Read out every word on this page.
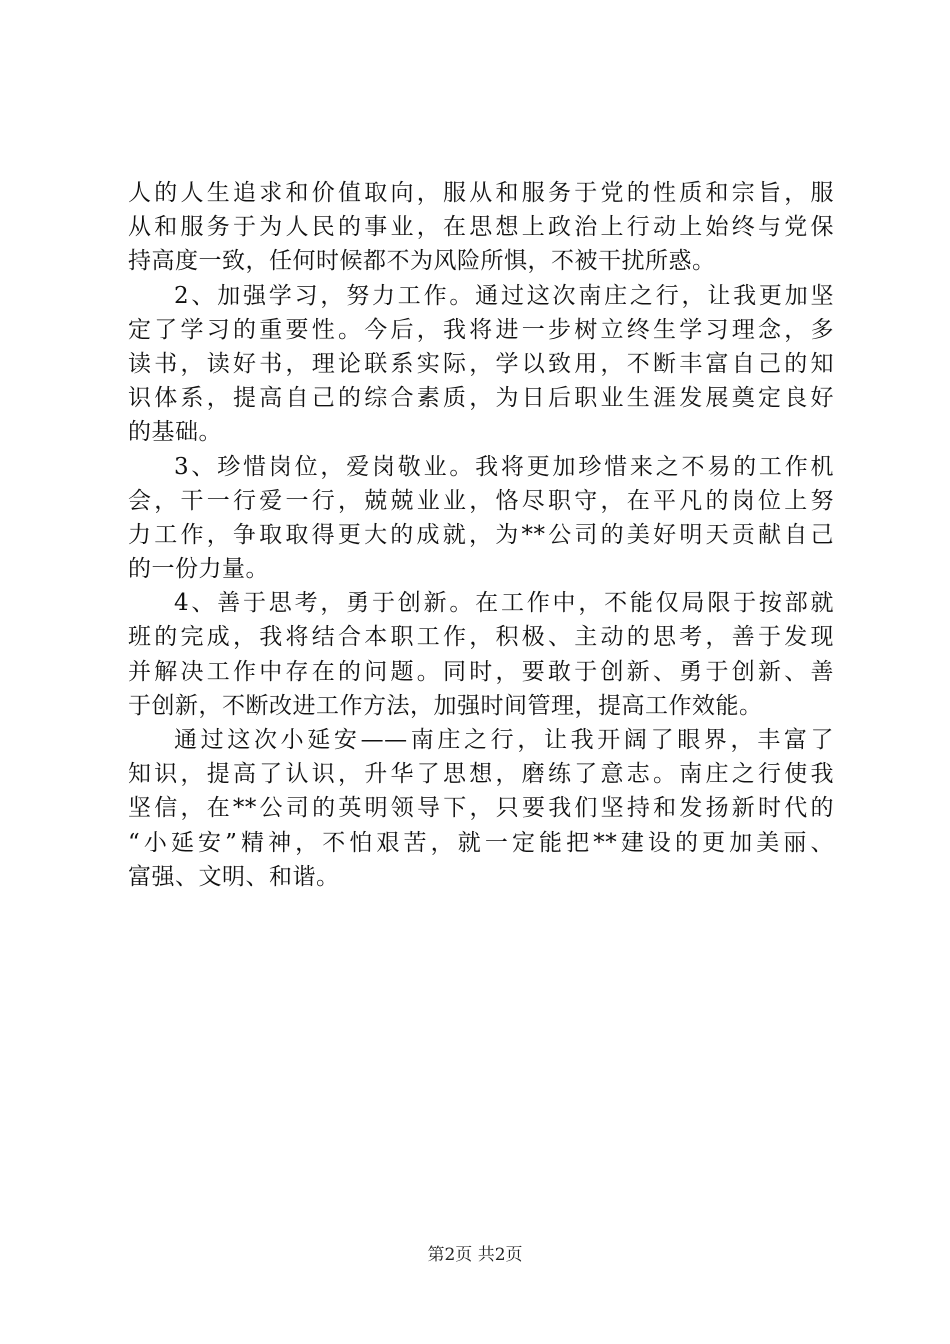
人的人生追求和价值取向，服从和服务于党的性质和宗旨，服
从和服务于为人民的事业，在思想上政治上行动上始终与党保
持高度一致，任何时候都不为风险所惧，不被干扰所惑。
2、加强学习，努力工作。通过这次南庄之行，让我更加坚
定了学习的重要性。今后，我将进一步树立终生学习理念，多
读书，读好书，理论联系实际，学以致用，不断丰富自己的知
识体系，提高自己的综合素质，为日后职业生涯发展奠定良好
的基础。
3、珍惜岗位，爱岗敬业。我将更加珍惜来之不易的工作机
会，干一行爱一行，兢兢业业，恪尽职守，在平凡的岗位上努
力工作，争取取得更大的成就，为**公司的美好明天贡献自己
的一份力量。
4、善于思考，勇于创新。在工作中，不能仅局限于按部就
班的完成，我将结合本职工作，积极、主动的思考，善于发现
并解决工作中存在的问题。同时，要敢于创新、勇于创新、善
于创新，不断改进工作方法，加强时间管理，提高工作效能。
通过这次小延安——南庄之行，让我开阔了眼界，丰富了
知识，提高了认识，升华了思想，磨练了意志。南庄之行使我
坚信，在**公司的英明领导下，只要我们坚持和发扬新时代的
“小延安”精神，不怕艰苦，就一定能把**建设的更加美丽、
富强、文明、和谐。
第2页 共2页
